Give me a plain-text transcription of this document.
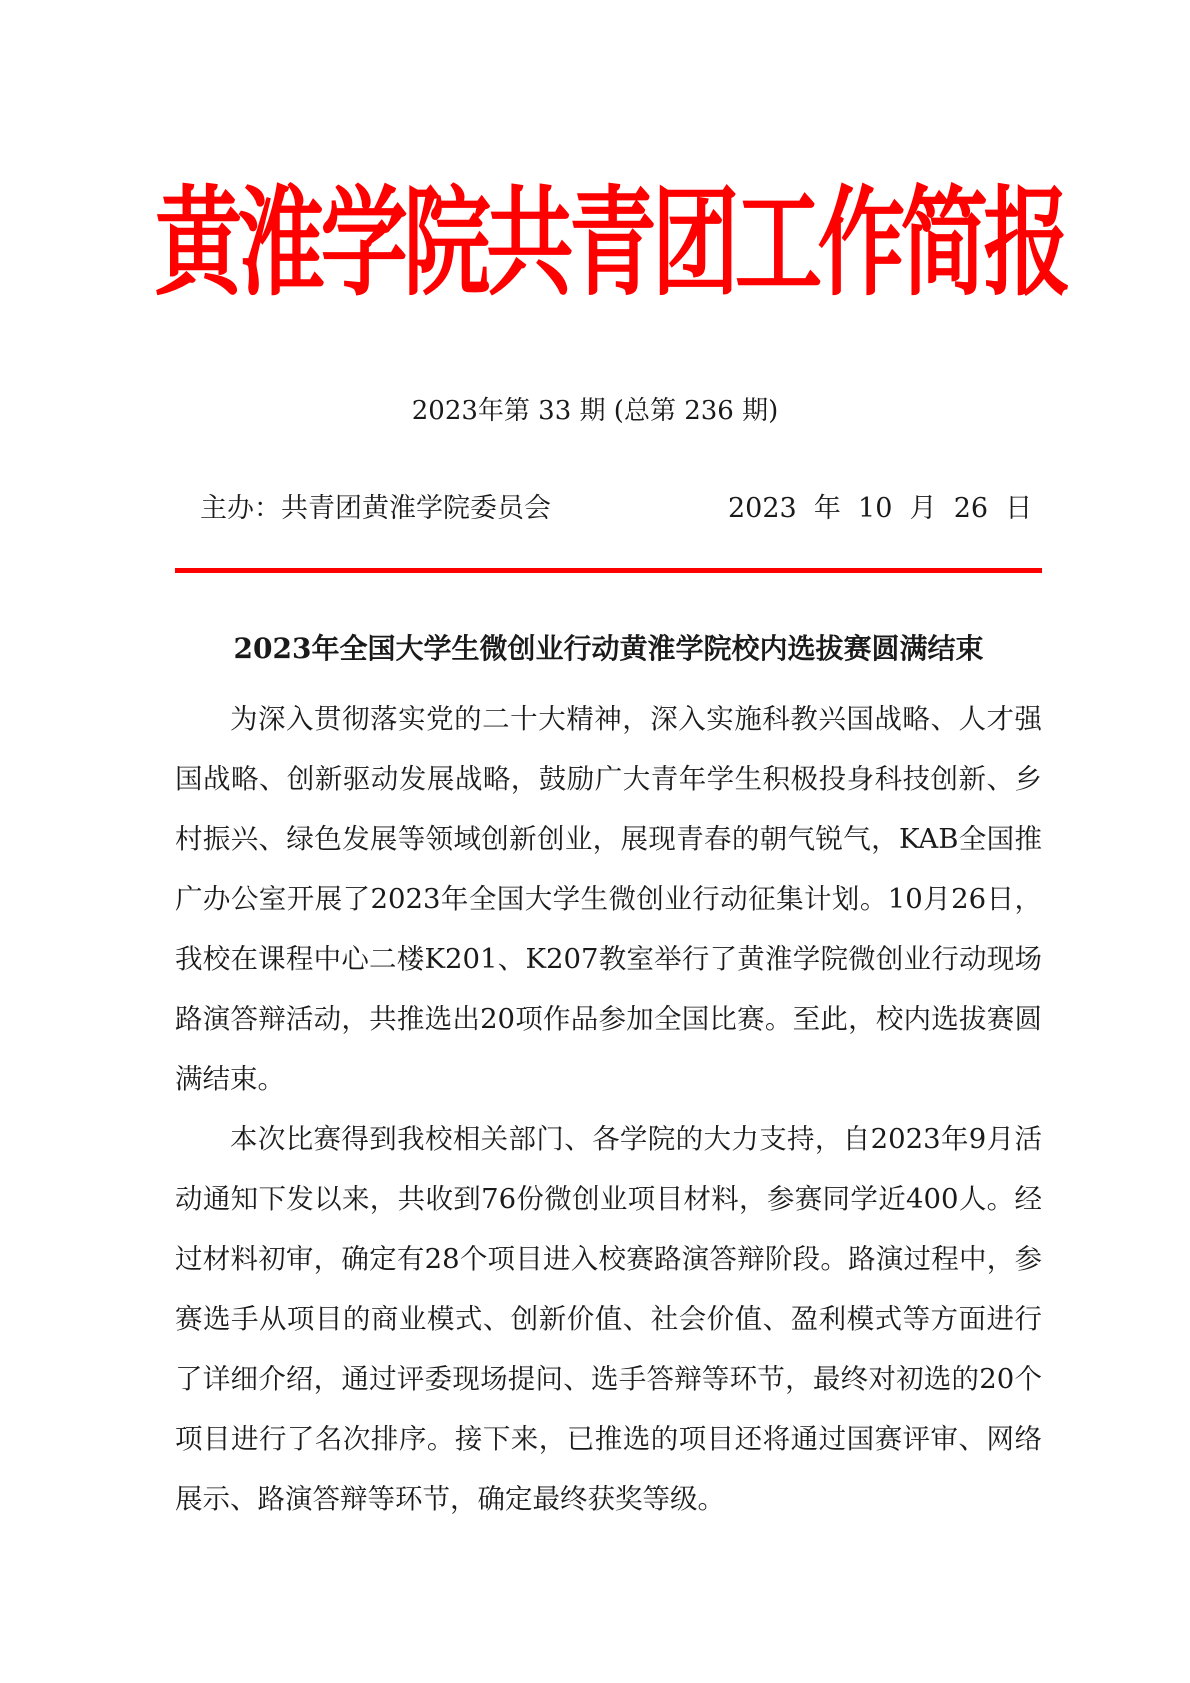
黄淮学院共青团工作简报
2023年第 33 期 (总第 236 期)
主办：共青团黄淮学院委员会	2023  年  10  月  26  日
2023年全国大学生微创业行动黄淮学院校内选拔赛圆满结束

为深入贯彻落实党的二十大精神，深入实施科教兴国战略、人才强国战略、创新驱动发展战略，鼓励广大青年学生积极投身科技创新、乡村振兴、绿色发展等领域创新创业，展现青春的朝气锐气，KAB全国推广办公室开展了2023年全国大学生微创业行动征集计划。10月26日，我校在课程中心二楼K201、K207教室举行了黄淮学院微创业行动现场路演答辩活动，共推选出20项作品参加全国比赛。至此，校内选拔赛圆满结束。

本次比赛得到我校相关部门、各学院的大力支持，自2023年9月活动通知下发以来，共收到76份微创业项目材料，参赛同学近400人。经过材料初审，确定有28个项目进入校赛路演答辩阶段。路演过程中，参赛选手从项目的商业模式、创新价值、社会价值、盈利模式等方面进行了详细介绍，通过评委现场提问、选手答辩等环节，最终对初选的20个项目进行了名次排序。接下来，已推选的项目还将通过国赛评审、网络展示、路演答辩等环节，确定最终获奖等级。
